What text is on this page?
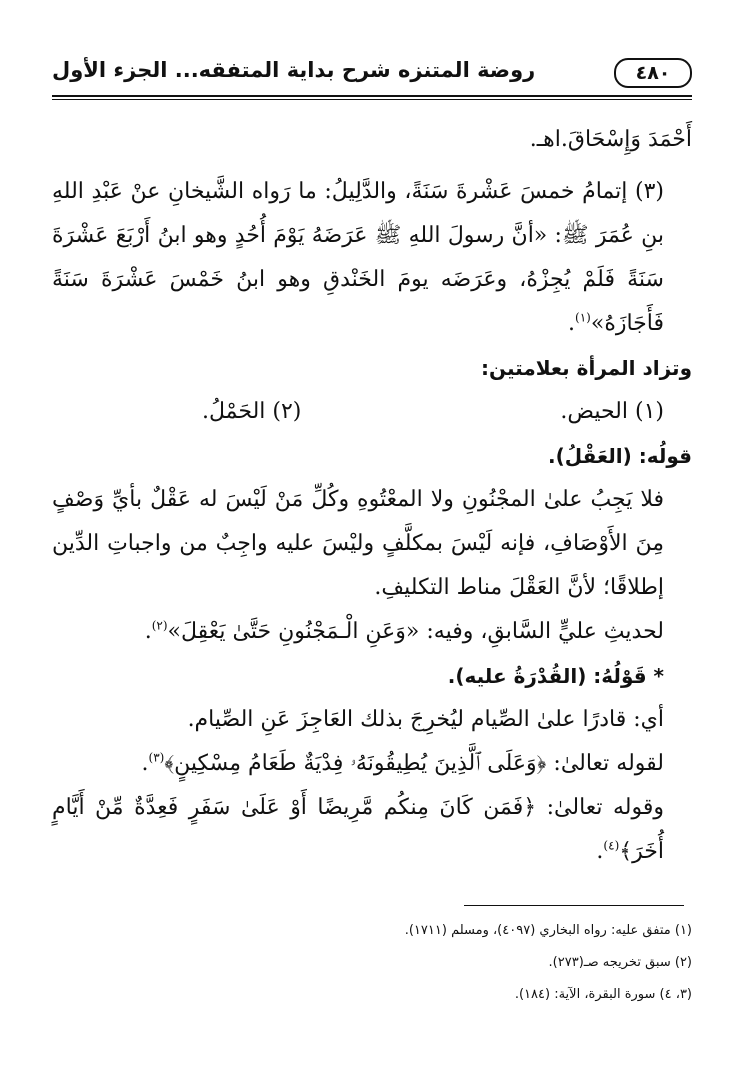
٤٨٠
روضة المتنزه شرح بداية المتفقه... الجزء الأول

أَحْمَدَ وَإِسْحَاقَ.اهـ.

(٣) إتمامُ خمسَ عَشْرةَ سَنَةً، والدَّلِيلُ: ما رَواه الشَّيخانِ عنْ عَبْدِ اللهِ بنِ عُمَرَ ﷺ: «أنَّ رسولَ اللهِ ﷺ عَرَضَهُ يَوْمَ أُحُدٍ وهو ابنُ أَرْبَعَ عَشْرَةَ سَنَةً فَلَمْ يُجِزْهُ، وعَرَضَه يومَ الخَنْدقِ وهو ابنُ خَمْسَ عَشْرَةَ سَنَةً فَأَجَازَهُ»$^{(١)}$.

وتزاد المرأة بعلامتين:

(١) الحيض.
(٢) الحَمْلُ.

قولُه: (العَقْلُ).

فلا يَجِبُ علىٰ المجْنُونِ ولا المعْتُوهِ وكُلِّ مَنْ لَيْسَ له عَقْلٌ بأيِّ وَصْفٍ مِنَ الأَوْصَافِ، فإنه لَيْسَ بمكلَّفٍ وليْسَ عليه واجِبٌ من واجباتِ الدِّين إطلاقًا؛ لأنَّ العَقْلَ مناط التكليفِ.

لحديثِ عليٍّ السَّابقِ، وفيه: «وَعَنِ الْـمَجْنُونِ حَتَّىٰ يَعْقِلَ»$^{(٢)}$.

* قَوْلُهُ: (القُدْرَةُ عليه).

أي: قادرًا علىٰ الصِّيام ليُخرِجَ بذلك العَاجِزَ عَنِ الصِّيام.

لقوله تعالىٰ: ﴿وَعَلَى ٱلَّذِينَ يُطِيقُونَهُۥ فِدْيَةٌ طَعَامُ مِسْكِينٍ﴾$^{(٣)}$.

وقوله تعالىٰ: ﴿فَمَن كَانَ مِنكُم مَّرِيضًا أَوْ عَلَىٰ سَفَرٍ فَعِدَّةٌ مِّنْ أَيَّامٍ أُخَرَ﴾$^{(٤)}$.

(١) متفق عليه: رواه البخاري (٤٠٩٧)، ومسلم (١٧١١).

(٢) سبق تخريجه صـ(٢٧٣).

(٣، ٤) سورة البقرة، الآية: (١٨٤).
